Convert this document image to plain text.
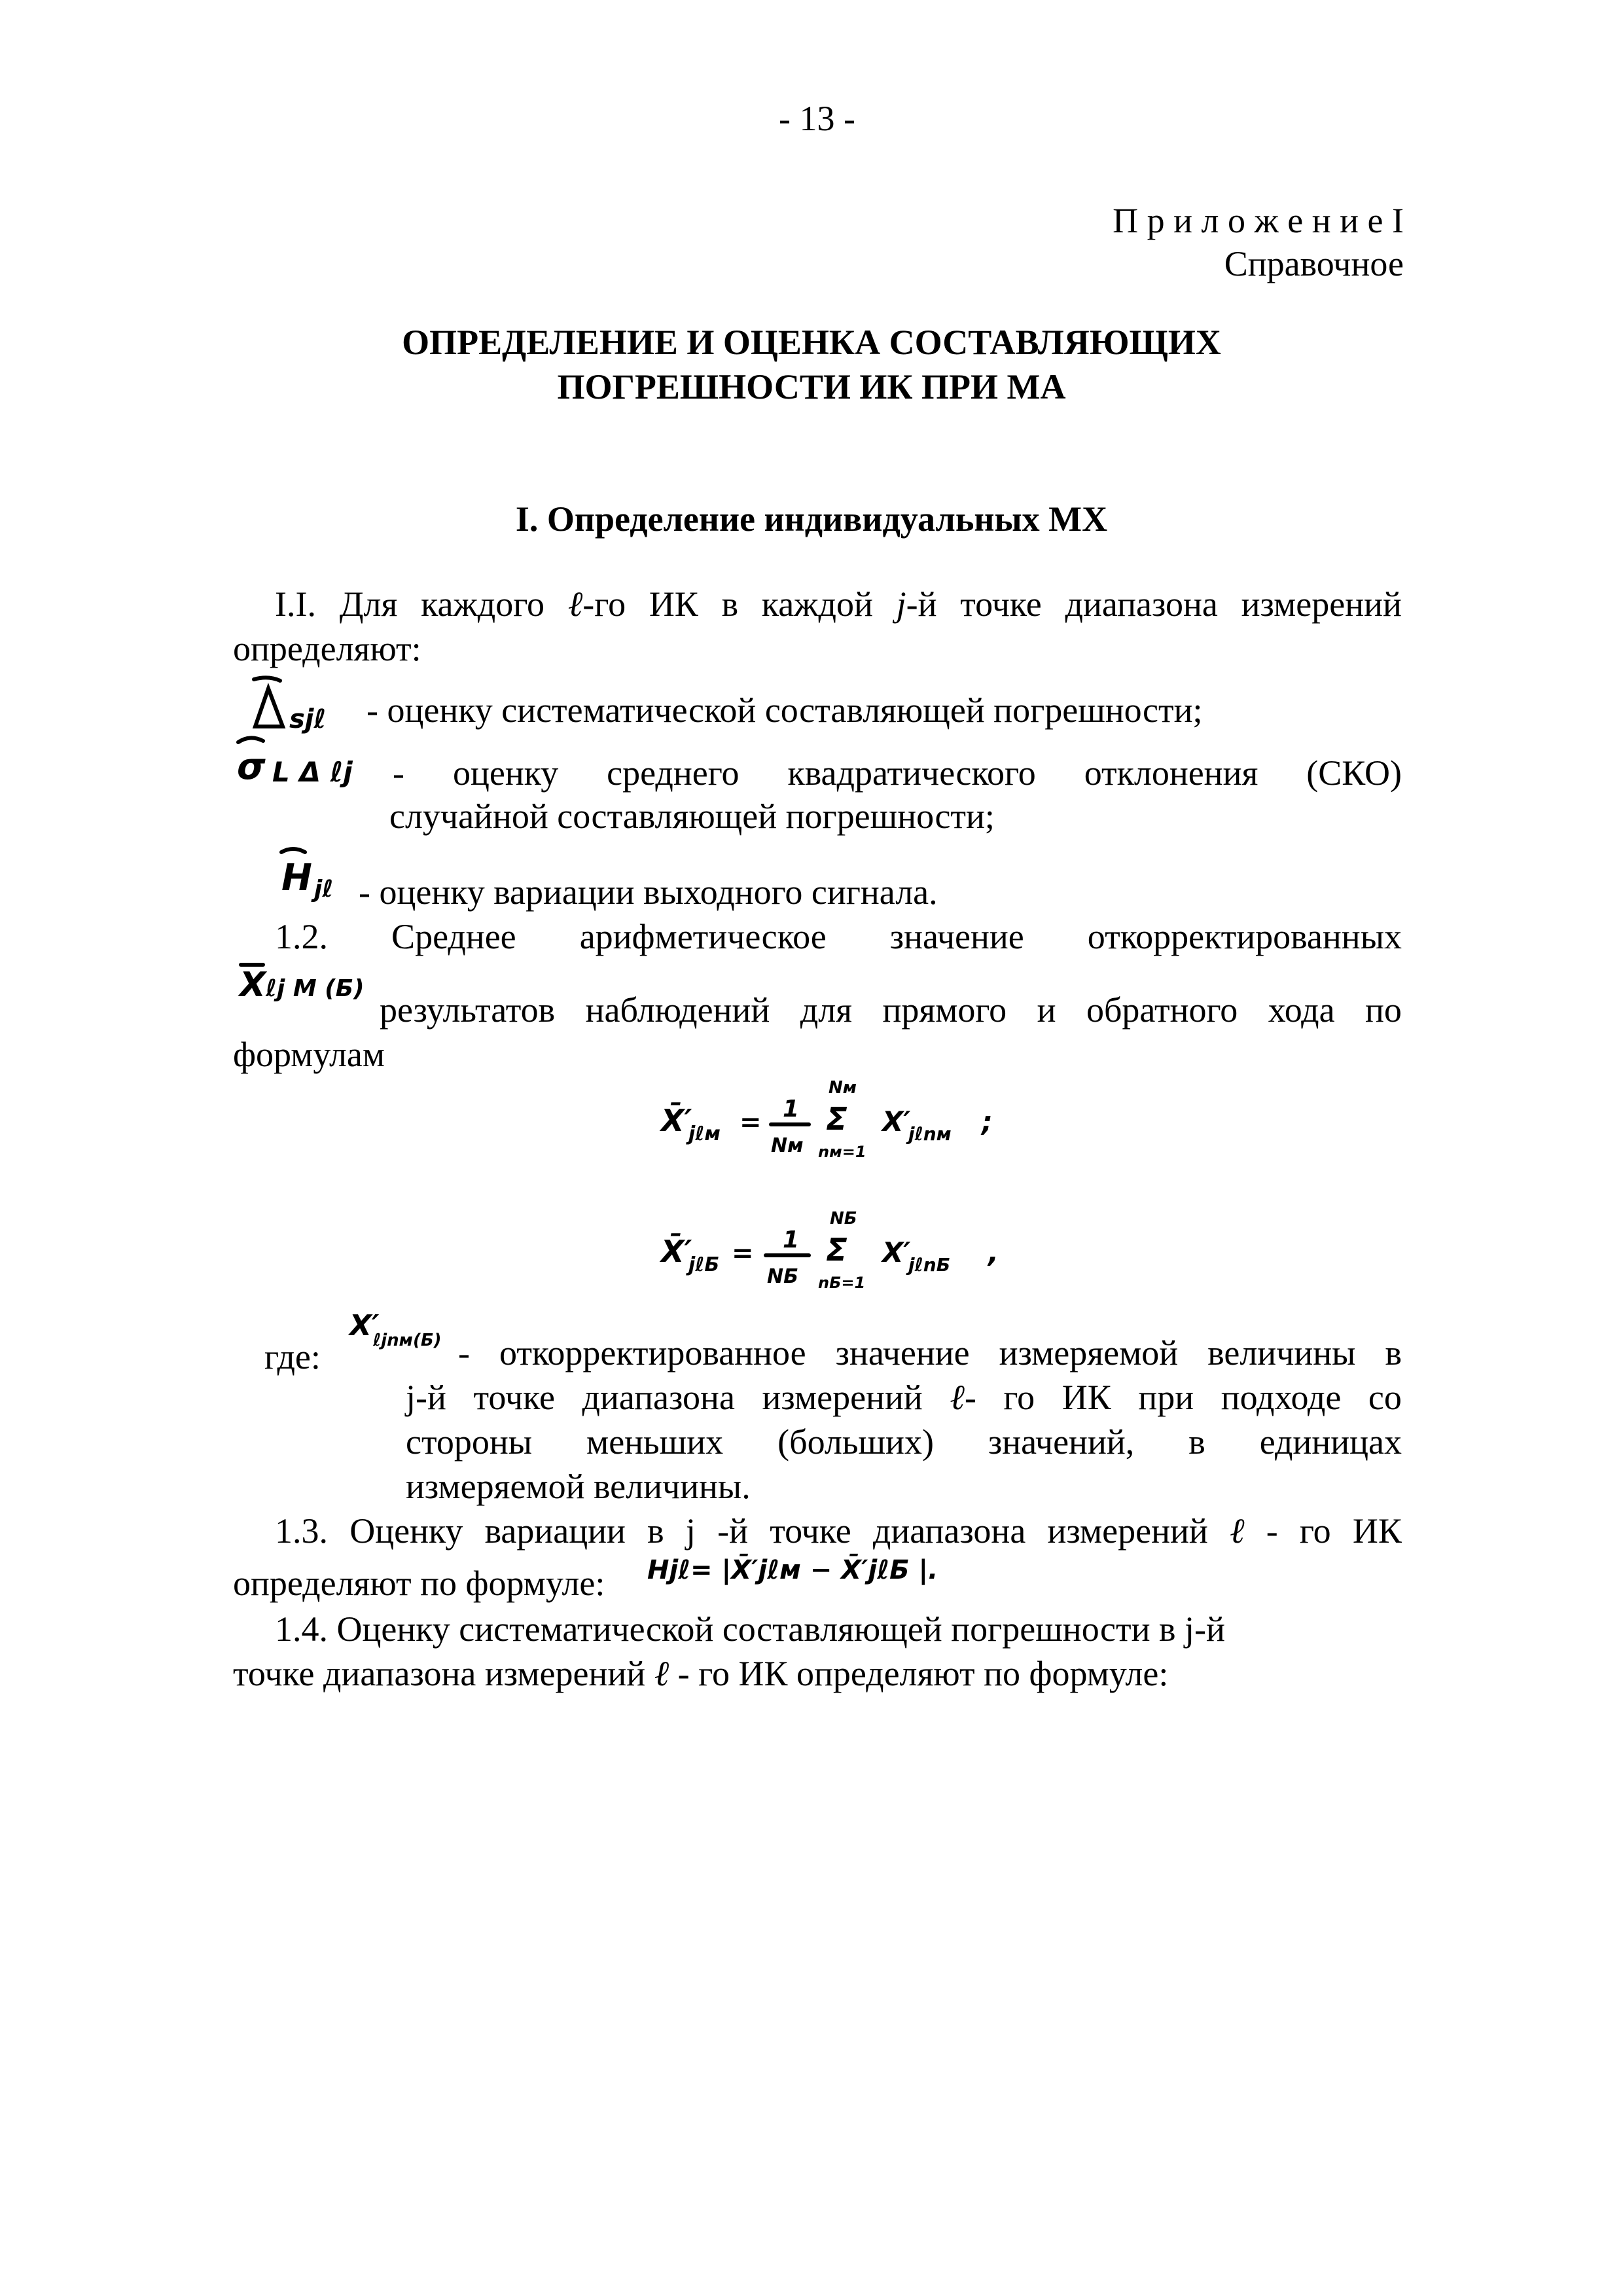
- 13 -
П р и л о ж е н и е I
Справочное
ОПРЕДЕЛЕНИЕ И ОЦЕНКА СОСТАВЛЯЮЩИХ
ПОГРЕШНОСТИ ИК ПРИ МА
I. Определение индивидуальных МХ
I.I. Для каждого ℓ-го ИК в каждой j-й точке диапазона измерений
определяют:
sjℓ - оценку систематической составляющей погрешности;
σ L Δ ℓj - оценку среднего квадратического отклонения (СКО)
случайной составляющей погрешности;
H jℓ - оценку вариации выходного сигнала.
1.2. Среднее арифметическое значение откорректированных
X ℓj M (Б)
результатов наблюдений для прямого и обратного хода по
формулам
X̄′
jℓм = 1
Nм
Nм
Σ
nм=1
X′
jℓnм ;
X̄′
jℓБ = 1
NБ
NБ
Σ
nБ=1
X′
jℓnБ ,
где:
X′
ℓjnм(Б) - откорректированное значение измеряемой величины в
j-й точке диапазона измерений ℓ- го ИК при подходе со
стороны меньших (больших) значений, в единицах
измеряемой величины.
1.3. Оценку вариации в j -й точке диапазона измерений ℓ - го ИК
определяют по формуле: Hjℓ= |X̄′jℓм − X̄′jℓБ |.
1.4. Оценку систематической составляющей погрешности в j-й
точке диапазона измерений ℓ - го ИК определяют по формуле:
